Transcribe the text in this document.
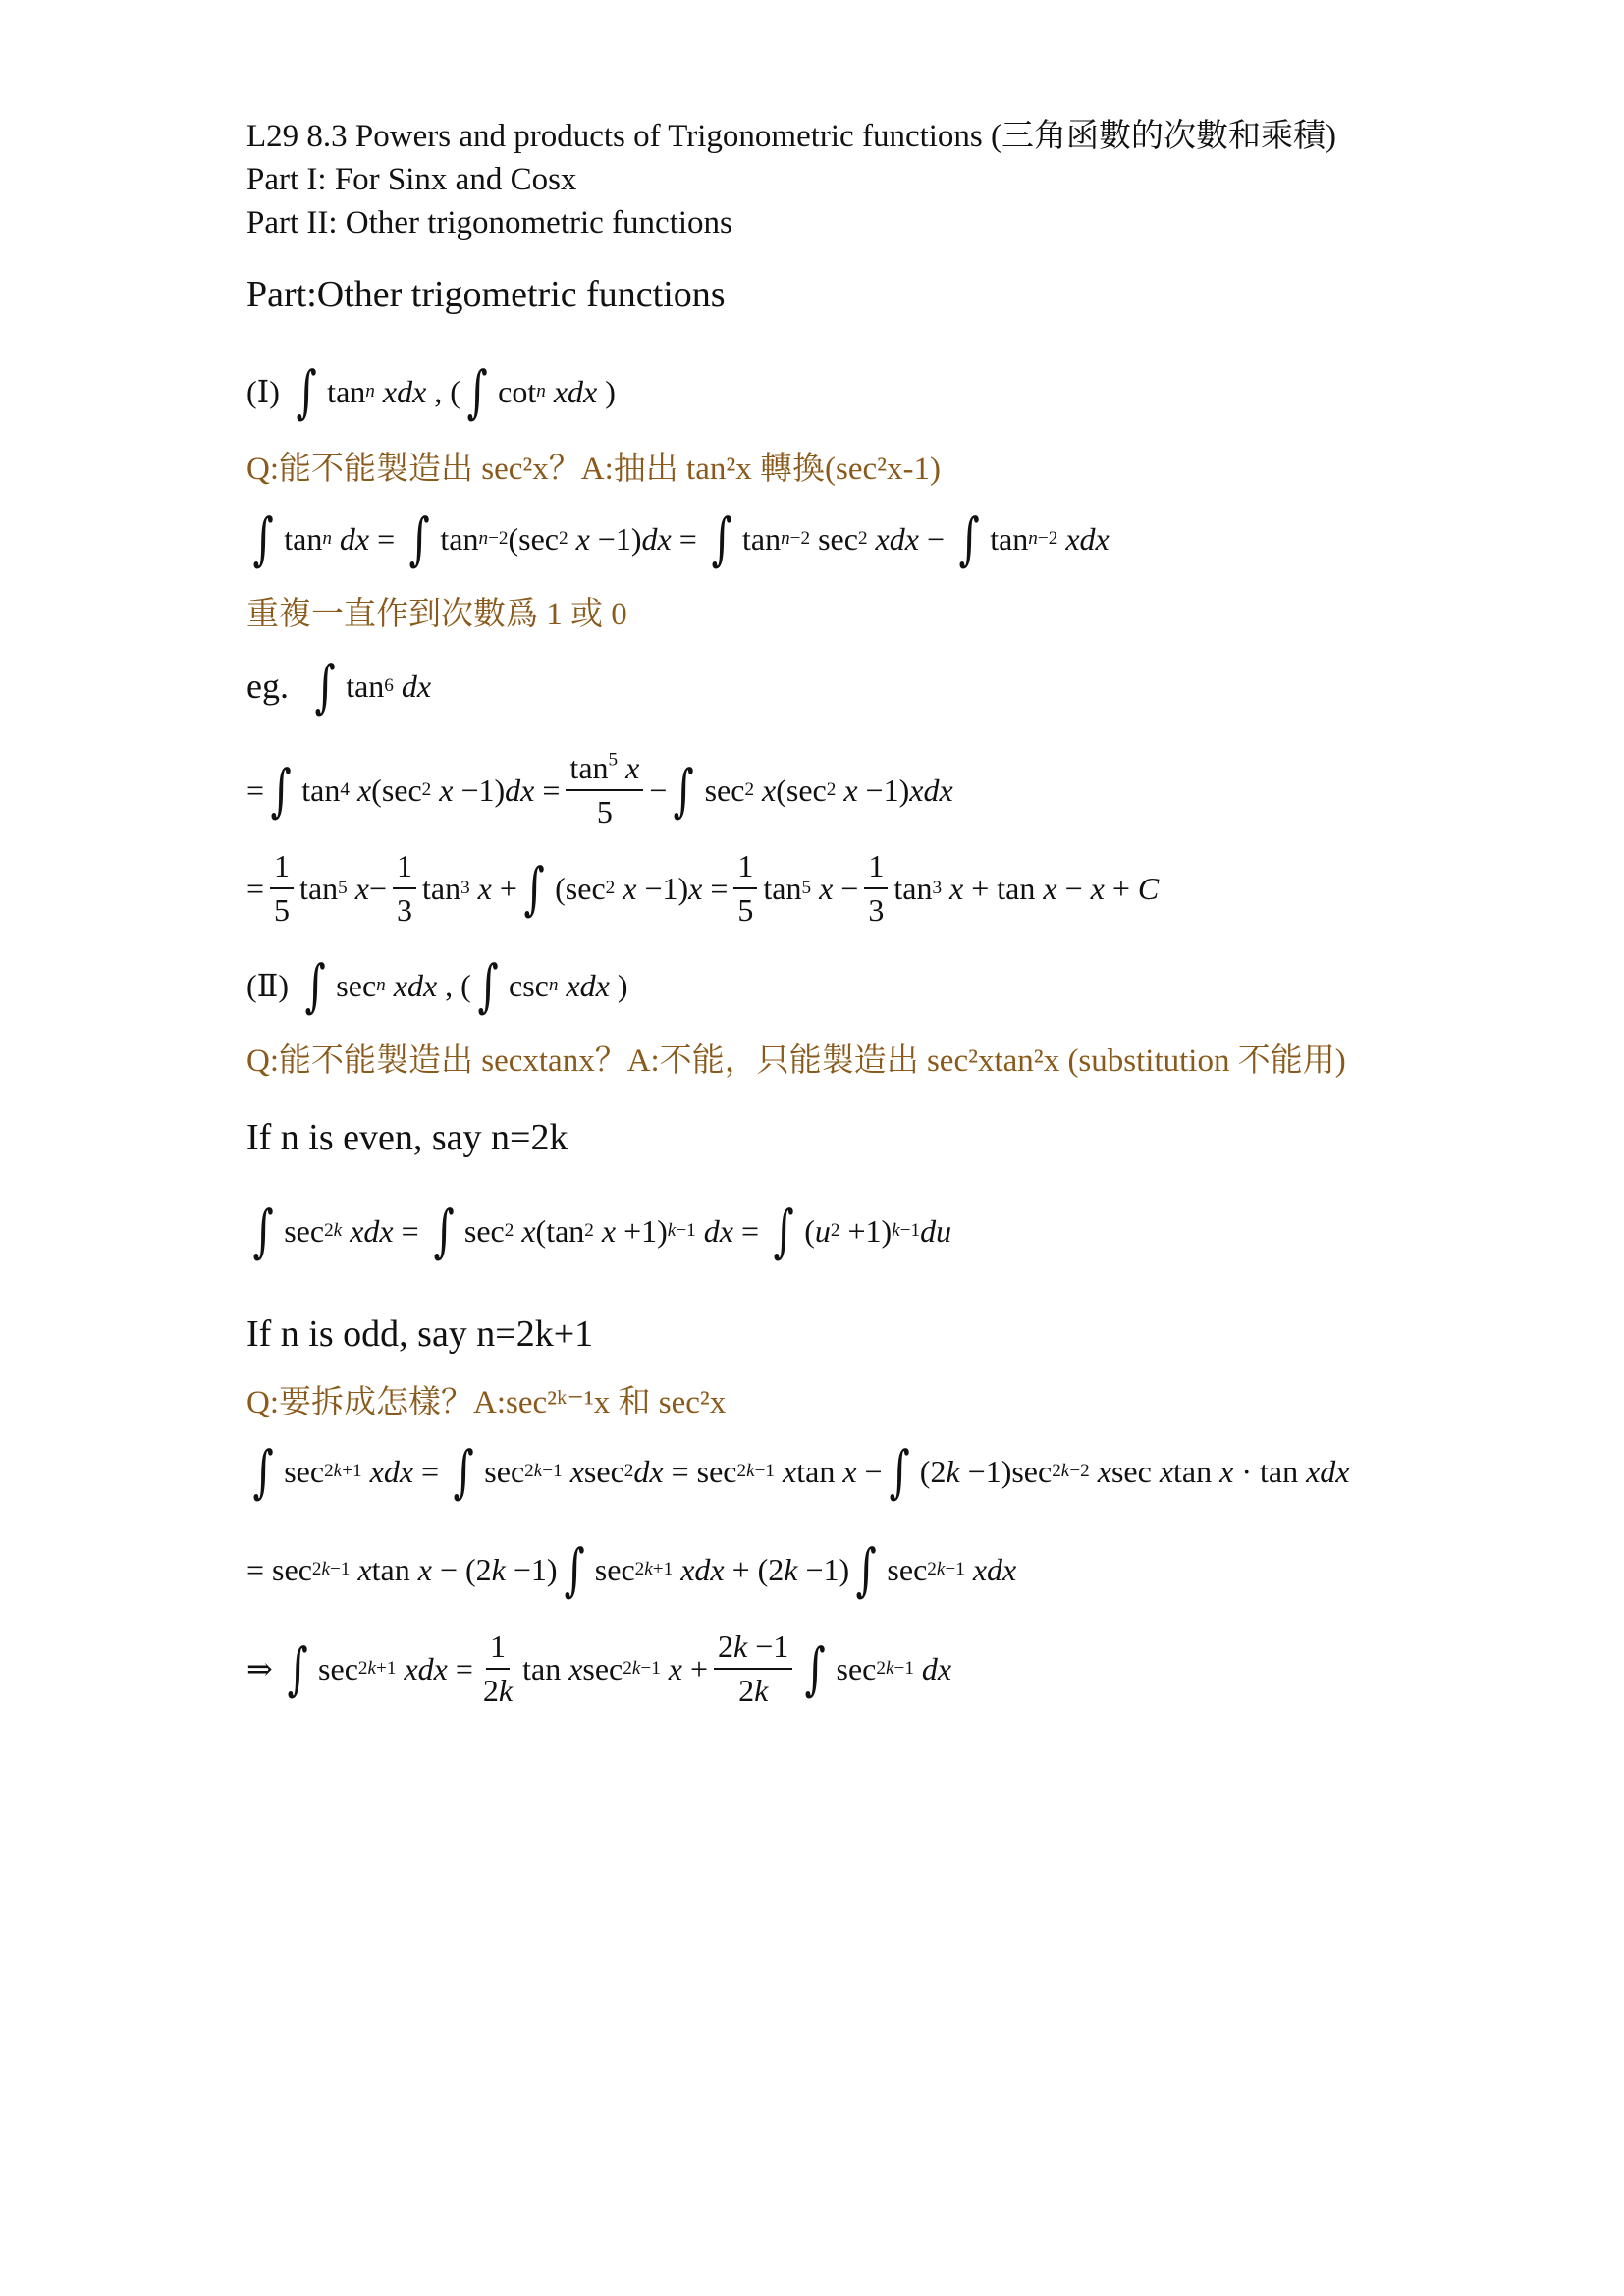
L29 8.3 Powers and products of Trigonometric functions (三角函數的次數和乘積)
Part I: For Sinx and Cosx
Part II: Other trigonometric functions
Part:Other trigometric functions
(Ⅰ) ∫ tan n
xdx , ( ∫ cot n
xdx )
Q:能不能製造出 sec²x？A:抽出 tan²x 轉換(sec²x-1)
∫ tan n
dx = ∫ tan n−2 (sec 2
x −1) dx = ∫ tan n−2 sec 2
xdx − ∫ tan n−2
xdx
重複一直作到次數爲 1 或 0
eg. ∫ tan 6
dx
= ∫ tan 4
x (sec 2
x −1) dx = $\frac{\tan^5 x}{5}$ − ∫ sec 2
x (sec 2
x −1) xdx
= $\frac{1}{5}$ tan 5
$x - \frac{1}{3}$ tan 3
x + ∫ (sec 2
x −1) $x = \frac{1}{5}$ tan 5
$x - \frac{1}{3}$ tan 3
x + tan x − x + C
(Ⅱ) ∫ sec n
xdx , ( ∫ csc n
xdx )
Q:能不能製造出 secxtanx？A:不能，只能製造出 sec²xtan²x (substitution 不能用)
If n is even, say n=2k
∫ sec 2k
xdx = ∫ sec 2
x (tan 2
x +1) k−1
dx = ∫ ( u 2 +1) k−1 du
If n is odd, say n=2k+1
Q:要拆成怎樣？A:sec²ᵏ⁻¹x 和 sec²x
∫ sec 2k+1
xdx = ∫ sec 2k−1
x sec 2 dx = sec 2k−1
x tan x − ∫ (2 k −1)sec 2k−2
x sec x tan x · tan xdx
= sec 2k−1
x tan x − (2 k −1) ∫ sec 2k+1
xdx + (2 k −1) ∫ sec 2k−1
xdx
⇒ ∫ sec 2k+1
xdx = $\frac{1}{2k}$ tan x sec 2k−1
$x + \frac{2k -1}{2k}$ ∫ sec 2k−1
dx
